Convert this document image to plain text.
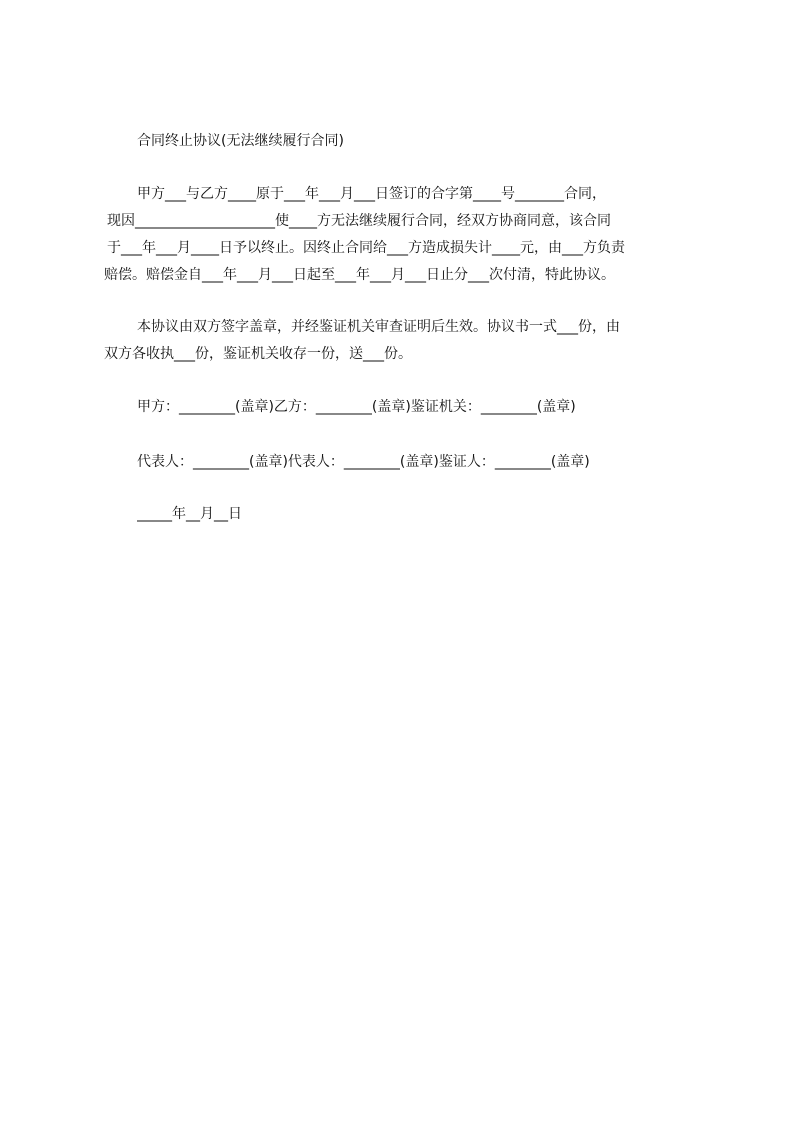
合同终止协议(无法继续履行合同)
甲方___与乙方____原于___年___月___日签订的合字第____号_______合同，
现因____________________使____方无法继续履行合同，经双方协商同意，该合同
于___年___月____日予以终止。因终止合同给___方造成损失计____元，由___方负责
赔偿。赔偿金自___年___月___日起至___年___月___日止分___次付清，特此协议。
本协议由双方签字盖章，并经鉴证机关审查证明后生效。协议书一式___份，由
双方各收执___份，鉴证机关收存一份，送___份。
甲方：________(盖章)乙方：________(盖章)鉴证机关：________(盖章)
代表人：________(盖章)代表人：________(盖章)鉴证人：________(盖章)
_____年__月__日
